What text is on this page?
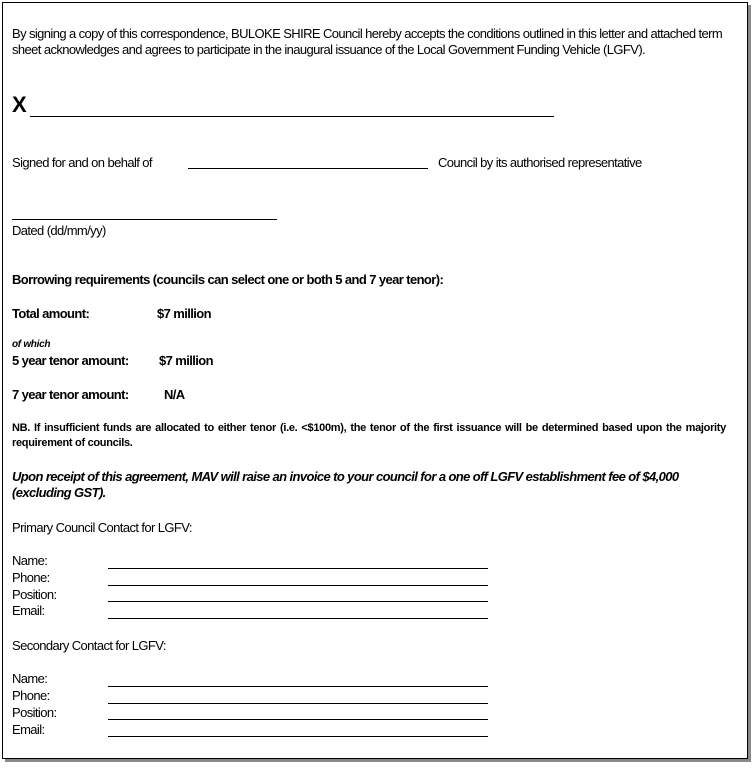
By signing a copy of this correspondence, BULOKE SHIRE Council hereby accepts the conditions outlined in this letter and attached term sheet acknowledges and agrees to participate in the inaugural issuance of the Local Government Funding Vehicle (LGFV).
X
Signed for and on behalf of	Council by its authorised representative
Dated (dd/mm/yy)
Borrowing requirements (councils can select one or both 5 and 7 year tenor):
Total amount:	$7 million
of which
5 year tenor amount: $7 million
7 year tenor amount:	N/A
NB. If insufficient funds are allocated to either tenor (i.e. <$100m), the tenor of the first issuance will be determined based upon the majority requirement of councils.
Upon receipt of this agreement, MAV will raise an invoice to your council for a one off LGFV establishment fee of $4,000 (excluding GST).
Primary Council Contact for LGFV:
Name:
Phone:
Position:
Email:
Secondary Contact for LGFV:
Name:
Phone:
Position:
Email:
